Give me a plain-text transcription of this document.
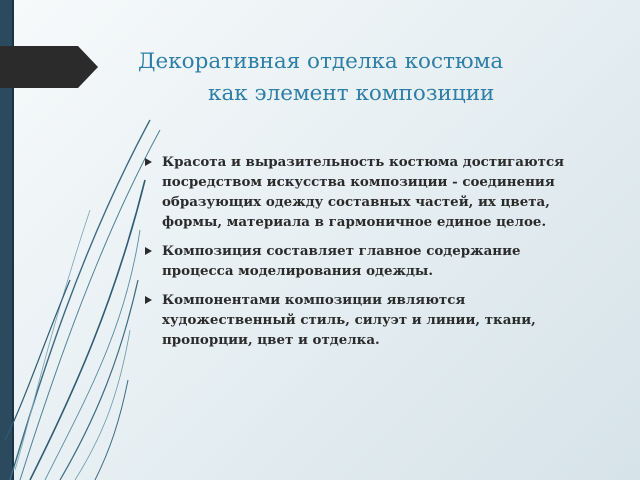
Декоративная отделка костюма
как элемент композиции
Красота и выразительность костюма достигаются посредством искусства композиции - соединения образующих одежду составных частей, их цвета, формы, материала в гармоничное единое целое.
Композиция составляет главное содержание процесса моделирования одежды.
Компонентами композиции являются художественный стиль, силуэт и линии, ткани, пропорции, цвет и отделка.
